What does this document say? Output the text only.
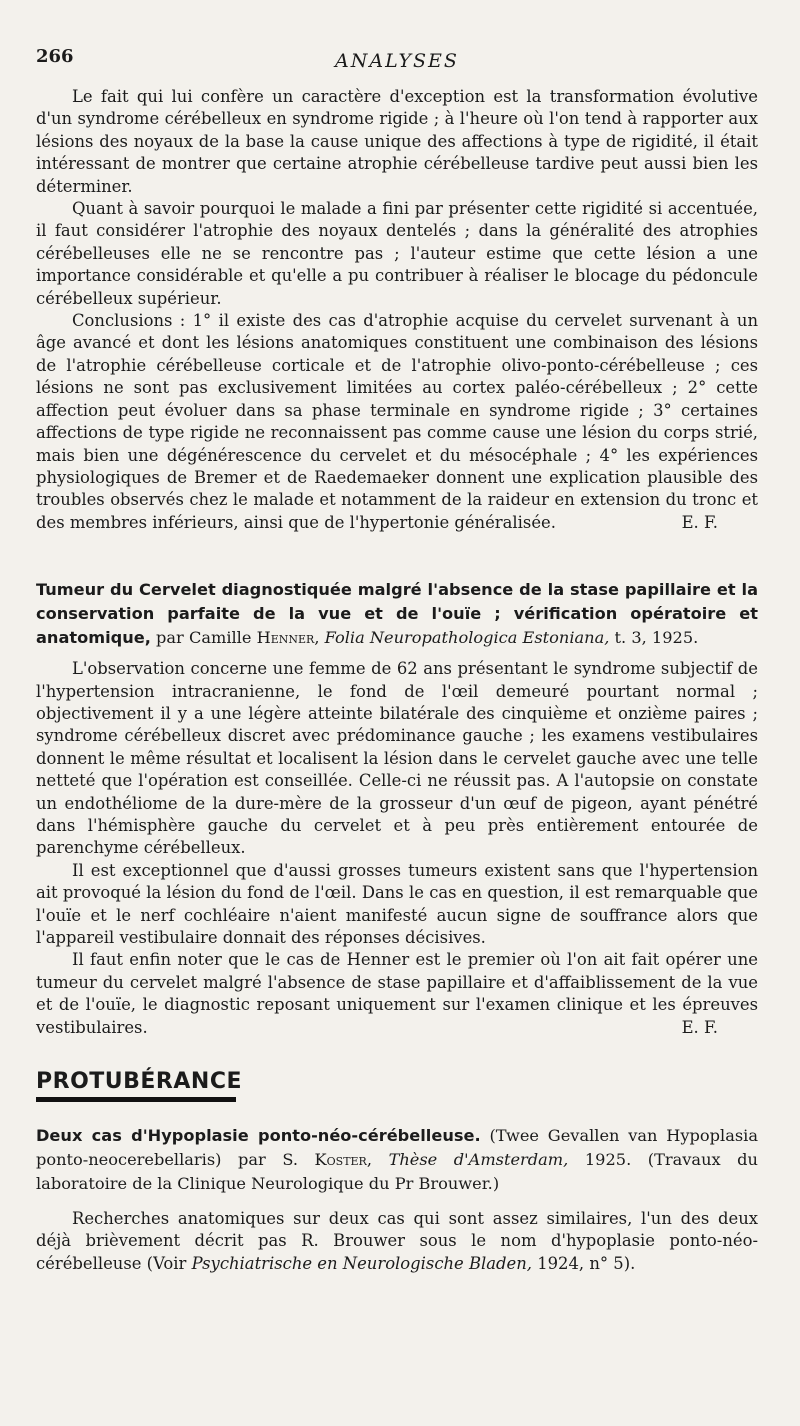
266	ANALYSES

Le fait qui lui confère un caractère d'exception est la transformation évolutive d'un syndrome cérébelleux en syndrome rigide ; à l'heure où l'on tend à rapporter aux lésions des noyaux de la base la cause unique des affections à type de rigidité, il était intéressant de montrer que certaine atrophie cérébelleuse tardive peut aussi bien les déterminer.

Quant à savoir pourquoi le malade a fini par présenter cette rigidité si accentuée, il faut considérer l'atrophie des noyaux dentelés ; dans la généralité des atrophies cérébelleuses elle ne se rencontre pas ; l'auteur estime que cette lésion a une importance considérable et qu'elle a pu contribuer à réaliser le blocage du pédoncule cérébelleux supérieur.

Conclusions : 1° il existe des cas d'atrophie acquise du cervelet survenant à un âge avancé et dont les lésions anatomiques constituent une combinaison des lésions de l'atrophie cérébelleuse corticale et de l'atrophie olivo-ponto-cérébelleuse ; ces lésions ne sont pas exclusivement limitées au cortex paléo-cérébelleux ; 2° cette affection peut évoluer dans sa phase terminale en syndrome rigide ; 3° certaines affections de type rigide ne reconnaissent pas comme cause une lésion du corps strié, mais bien une dégénérescence du cervelet et du mésocéphale ; 4° les expériences physiologiques de Bremer et de Raedemaeker donnent une explication plausible des troubles observés chez le malade et notamment de la raideur en extension du tronc et des membres inférieurs, ainsi que de l'hypertonie généralisée.	E. F.
Tumeur du Cervelet diagnostiquée malgré l'absence de la stase papillaire et la conservation parfaite de la vue et de l'ouïe ; vérification opératoire et anatomique, par Camille Henner, Folia Neuropathologica Estoniana, t. 3, 1925.

L'observation concerne une femme de 62 ans présentant le syndrome subjectif de l'hypertension intracranienne, le fond de l'œil demeuré pourtant normal ; objectivement il y a une légère atteinte bilatérale des cinquième et onzième paires ; syndrome cérébelleux discret avec prédominance gauche ; les examens vestibulaires donnent le même résultat et localisent la lésion dans le cervelet gauche avec une telle netteté que l'opération est conseillée. Celle-ci ne réussit pas. A l'autopsie on constate un endothéliome de la dure-mère de la grosseur d'un œuf de pigeon, ayant pénétré dans l'hémisphère gauche du cervelet et à peu près entièrement entourée de parenchyme cérébelleux.

Il est exceptionnel que d'aussi grosses tumeurs existent sans que l'hypertension ait provoqué la lésion du fond de l'œil. Dans le cas en question, il est remarquable que l'ouïe et le nerf cochléaire n'aient manifesté aucun signe de souffrance alors que l'appareil vestibulaire donnait des réponses décisives.

Il faut enfin noter que le cas de Henner est le premier où l'on ait fait opérer une tumeur du cervelet malgré l'absence de stase papillaire et d'affaiblissement de la vue et de l'ouïe, le diagnostic reposant uniquement sur l'examen clinique et les épreuves vestibulaires.	E. F.
PROTUBÉRANCE
Deux cas d'Hypoplasie ponto-néo-cérébelleuse. (Twee Gevallen van Hypoplasia ponto-neocerebellaris) par S. Koster, Thèse d'Amsterdam, 1925. (Travaux du laboratoire de la Clinique Neurologique du Pr Brouwer.)

Recherches anatomiques sur deux cas qui sont assez similaires, l'un des deux déjà brièvement décrit pas R. Brouwer sous le nom d'hypoplasie ponto-néo-cérébelleuse (Voir Psychiatrische en Neurologische Bladen, 1924, n° 5).
